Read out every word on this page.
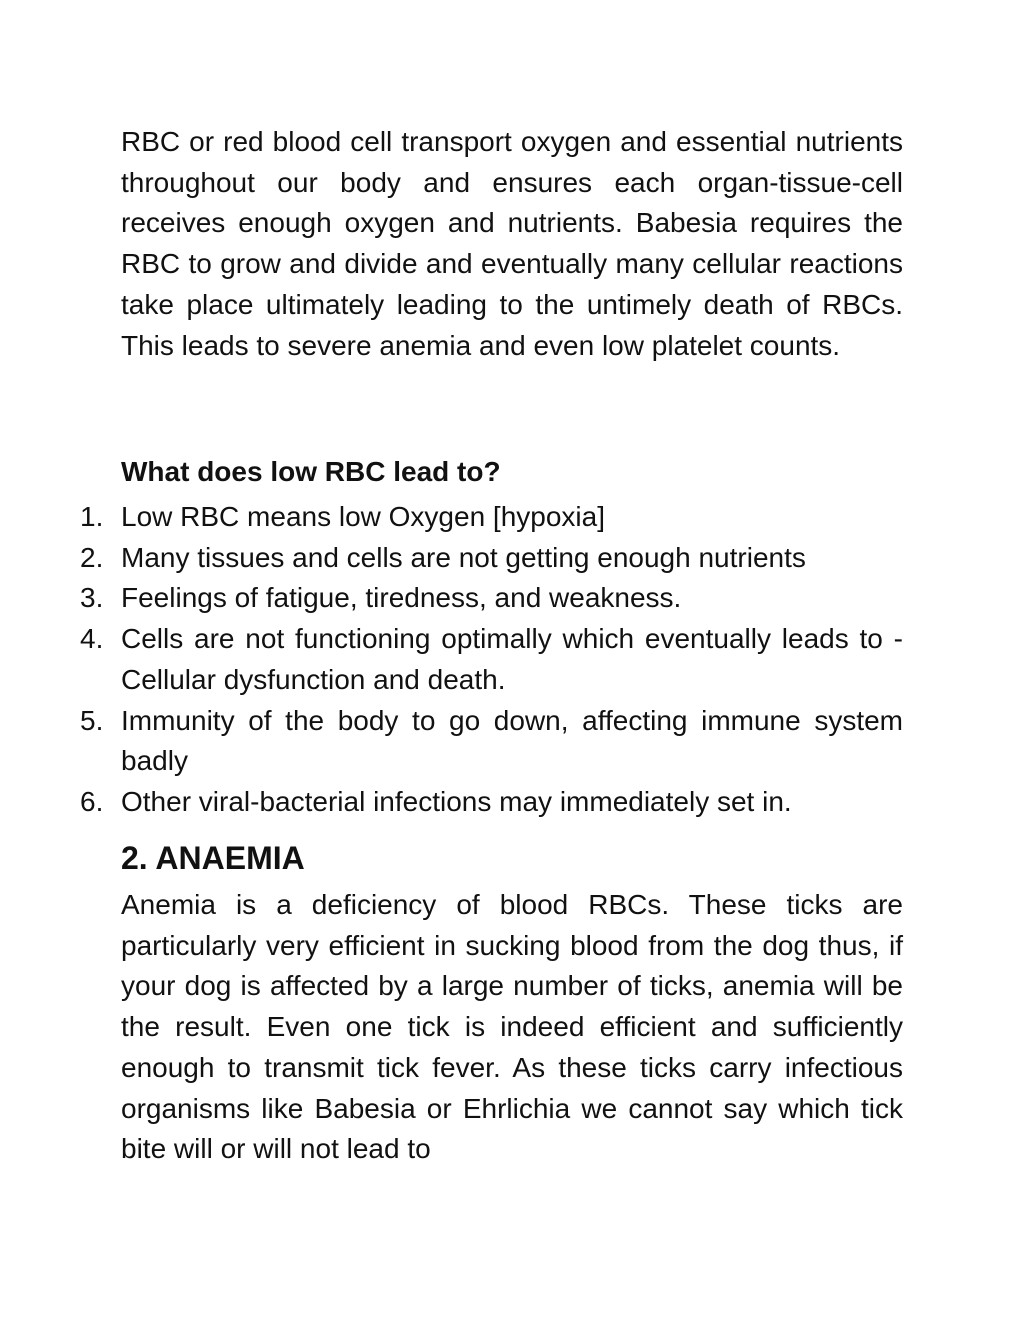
RBC or red blood cell transport oxygen and essential nutrients throughout our body and ensures each organ-tissue-cell receives enough oxygen and nutrients. Babesia requires the RBC to grow and divide and eventually many cellular reactions take place ultimately leading to the untimely death of RBCs. This leads to severe anemia and even low platelet counts.

What does low RBC lead to?

1. Low RBC means low Oxygen [hypoxia]
2. Many tissues and cells are not getting enough nutrients
3. Feelings of fatigue, tiredness, and weakness.
4. Cells are not functioning optimally which eventually leads to - Cellular dysfunction and death.
5. Immunity of the body to go down, affecting immune system badly
6. Other viral-bacterial infections may immediately set in.
2. ANAEMIA

Anemia is a deficiency of blood RBCs. These ticks are particularly very efficient in sucking blood from the dog thus, if your dog is affected by a large number of ticks, anemia will be the result. Even one tick is indeed efficient and sufficiently enough to transmit tick fever. As these ticks carry infectious organisms like Babesia or Ehrlichia we cannot say which tick bite will or will not lead to
